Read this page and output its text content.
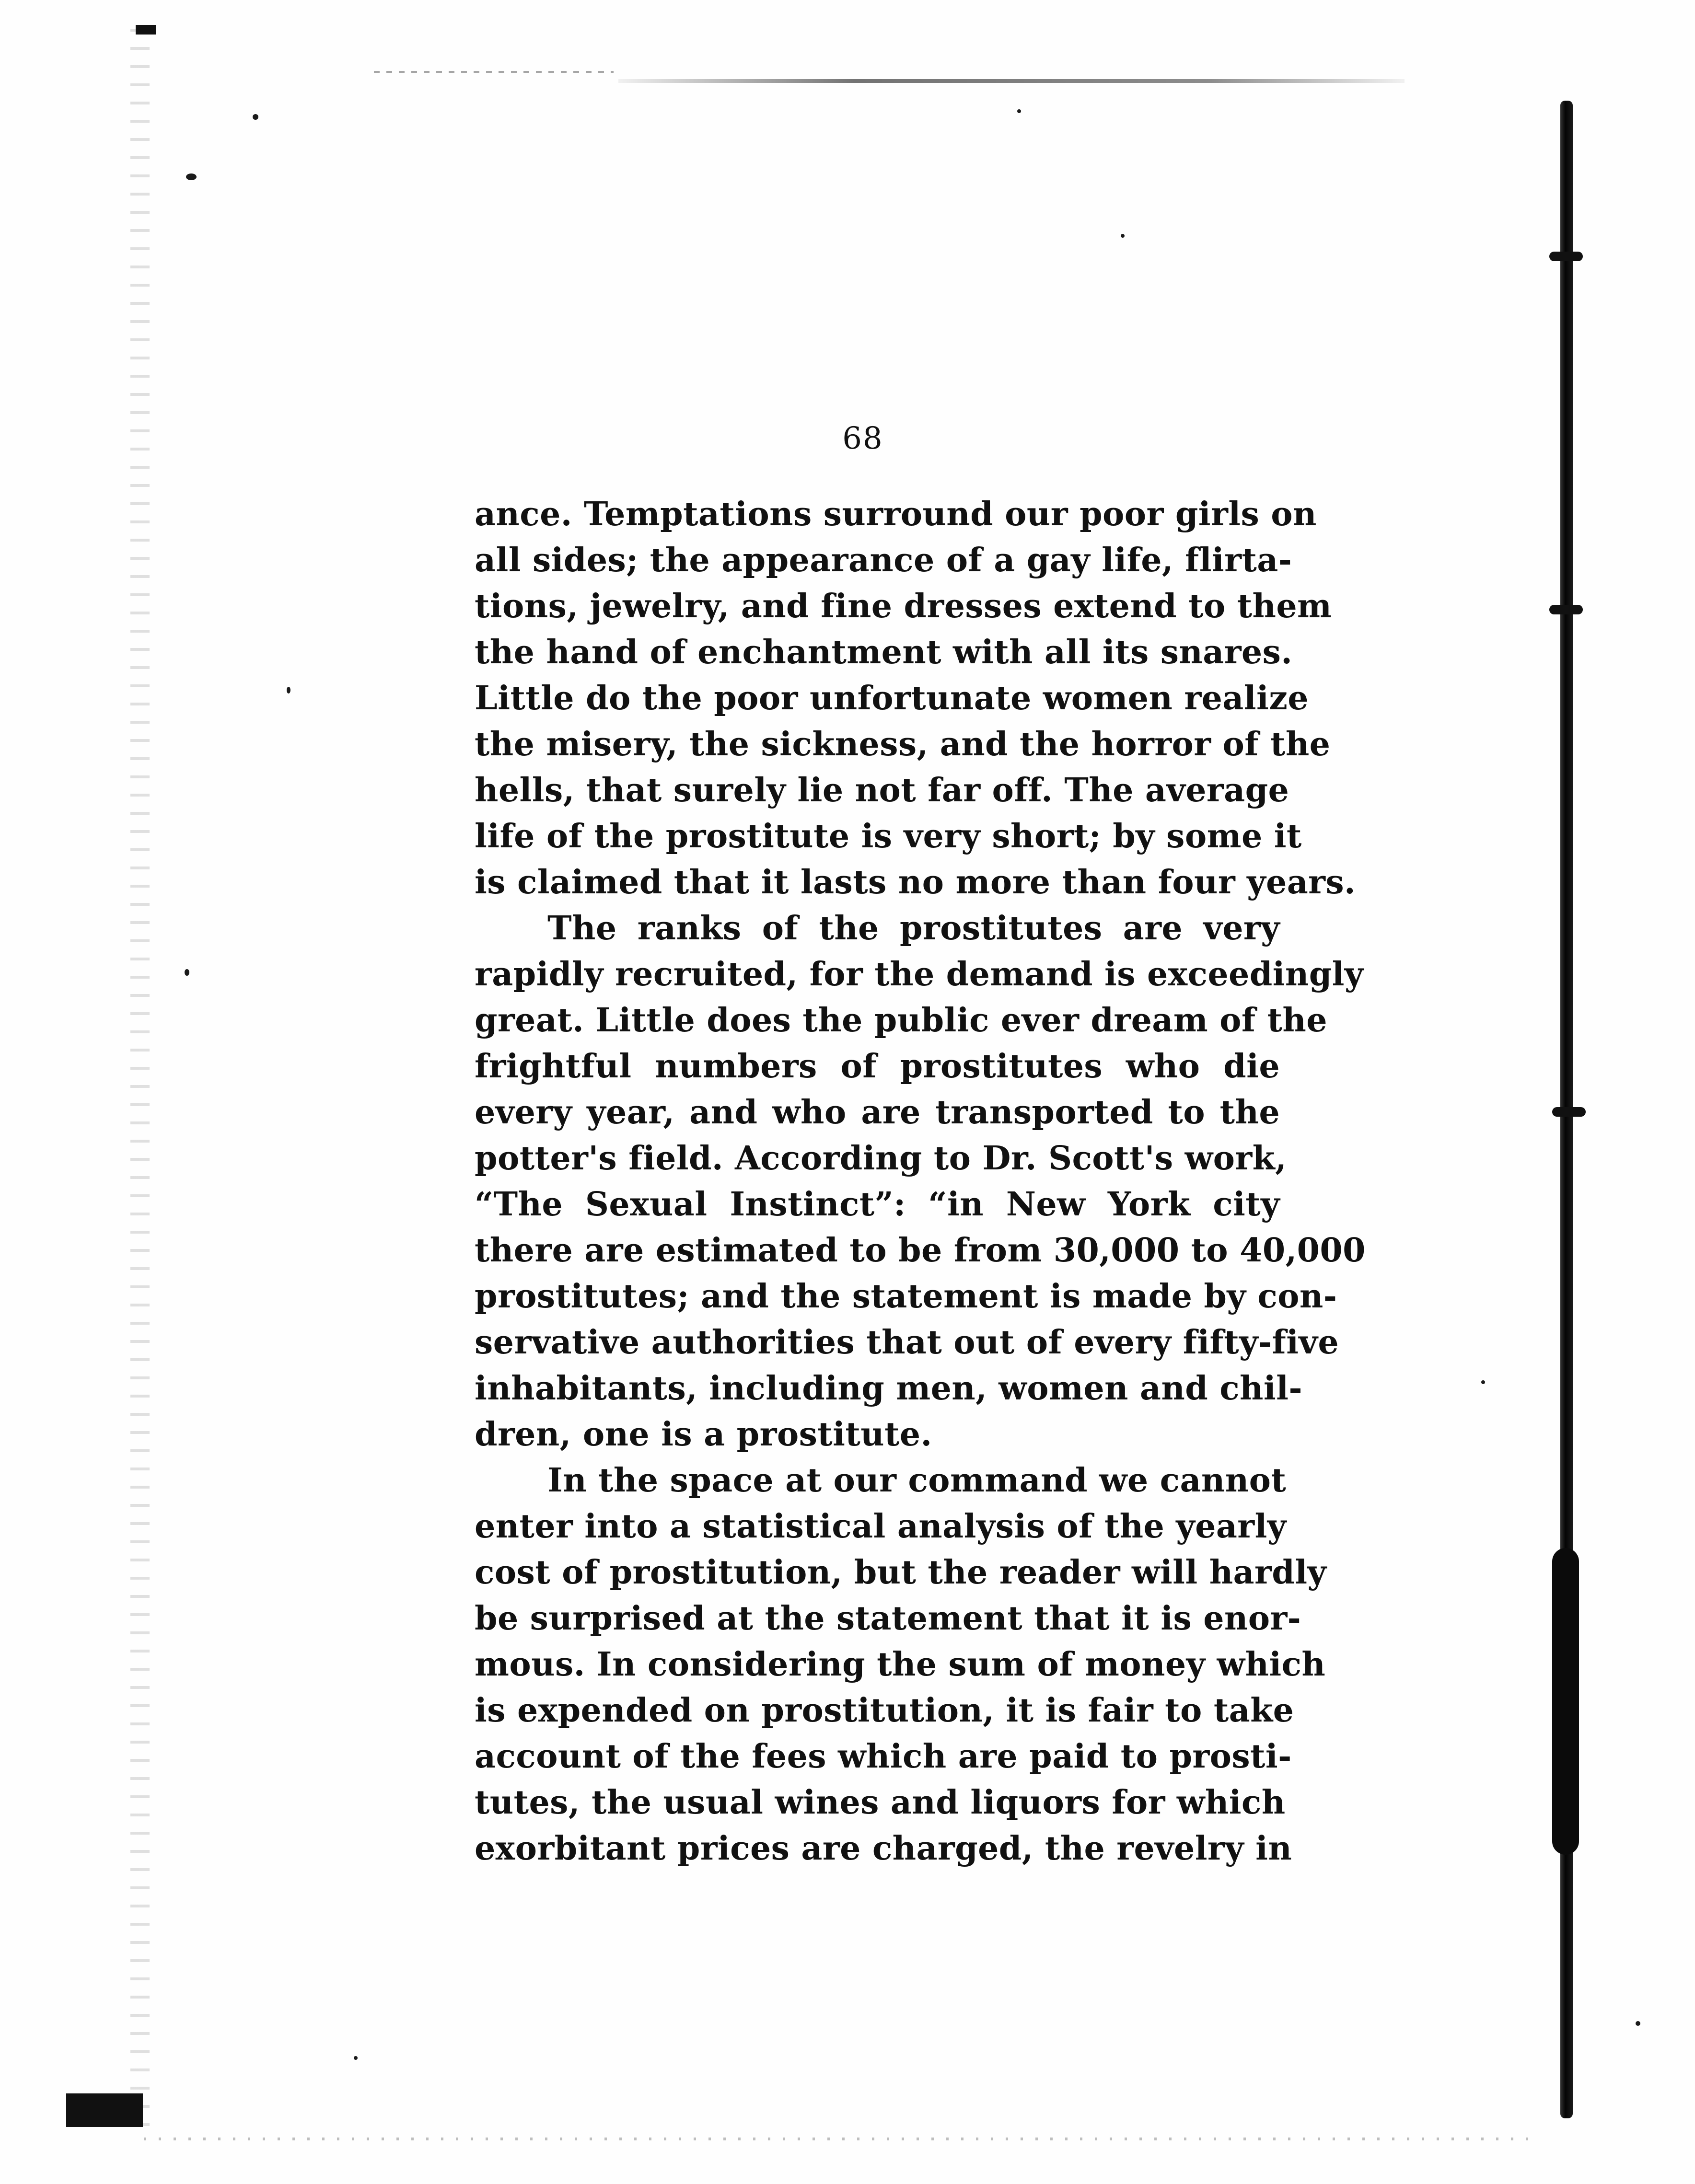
68
ance. Temptations surround our poor girls on
all sides; the appearance of a gay life, flirta-
tions, jewelry, and fine dresses extend to them
the hand of enchantment with all its snares.
Little do the poor unfortunate women realize
the misery, the sickness, and the horror of the
hells, that surely lie not far off. The average
life of the prostitute is very short; by some it
is claimed that it lasts no more than four years.
The ranks of the prostitutes are very
rapidly recruited, for the demand is exceedingly
great. Little does the public ever dream of the
frightful numbers of prostitutes who die
every year, and who are transported to the
potter's field. According to Dr. Scott's work,
“The Sexual Instinct”: “in New York city
there are estimated to be from 30,000 to 40,000
prostitutes; and the statement is made by con-
servative authorities that out of every fifty-five
inhabitants, including men, women and chil-
dren, one is a prostitute.
In the space at our command we cannot
enter into a statistical analysis of the yearly
cost of prostitution, but the reader will hardly
be surprised at the statement that it is enor-
mous. In considering the sum of money which
is expended on prostitution, it is fair to take
account of the fees which are paid to prosti-
tutes, the usual wines and liquors for which
exorbitant prices are charged, the revelry in
